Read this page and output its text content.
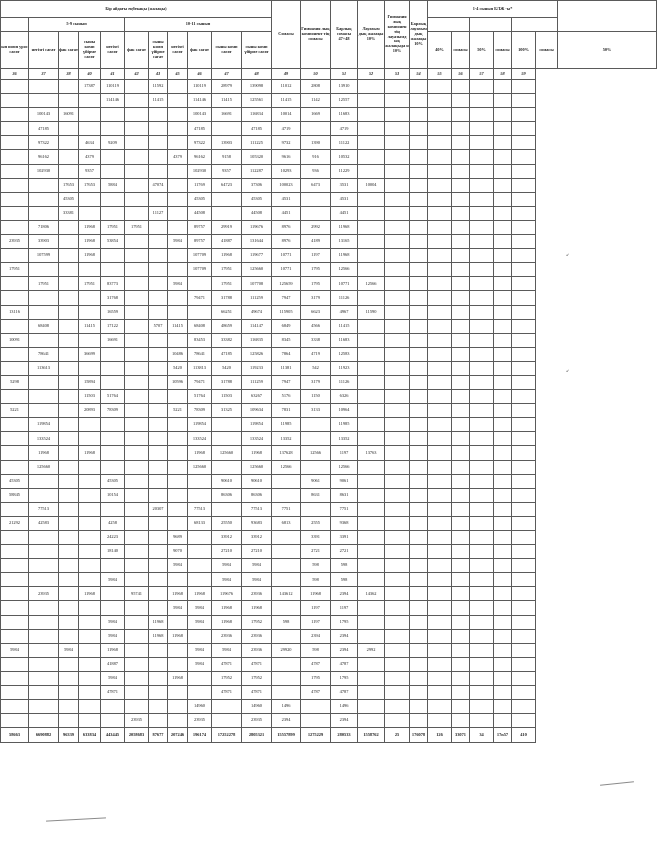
Бір айдағы еңбекақы (жалақы)											Сомасы	Гимназия лық компонент тің сомасы	Барлық сомасы 47+48	Лауазым дық жалақы 10%	Гимназия лық компонен тің лауазымд ық жалақыда н 10%	Барлық лауазым дық жалақы 10%	1-4 сынып БЛЖ -ы*						
	5-9 сынып				10-11 сынып																		
ып иомп урос сагат	негізгі сагат	фак сагат	сыны комп үйірме сагат	негізгі сагат	фак сагат	сыны комп үйірме сагат	негізгі сагат	фак сагат	сыны комп сагат	сыны комп үйірме сагат							40%	сомасы	50%	сомасы	100%	сомасы	50%
36	37	38	40	41	42	43	45	46	47	48	49	50	51	52	53	54	55	56	57	58	59		
			17387	110119		11592		110119	28979	139098	11012	2808	13910										
				114146		11415		114146	11415	125561	11415	1142	12557										
	100143	16091						100143	16691	116834	10014	1669	11683										
	47185							47185		47185	4719		4719										
	97322		4634	9209				97322	13903	111225	9732	1390	11122										
	96162		4379				4379	96162	9158	105320	9616	916	10532										
	102930		9357					102930	9357	112287	10293	936	11229										
		17653	17653	5884		47074		11769	64723	37306	100023	6473	3531	10004									
		45305						45305		45305	4531		4531										
		33381				11127		44508		44508	4451		4451										
	71806		11968	17951	17951			89757	29919	119676	8976	2992	11968										
23935	33903		11968	53854			5984	89757	41887	131644	8976	4189	13165										
	107599		11968					107709	11968	119677	10771	1197	11968										
17951								107709	17951	125660	10771	1795	12566										
	17951		17951	83773			5984		17951	107708	125659	1795	10771	12566									
				31768				79471	31788	111259	7947	3179	11126										
13116				16559					66251	49674	115905	6623	4967	11590									
	68408		11415	17122		5707	11415	68408	48659	114147	6849	4566	11415										
10091				16691				83453	33382	116835	8345	3338	11683										
	78641		36699				10486	78641	47185	125826	7864	4719	12583										
	113613						5420	113813	5420	119233	11381	542	11923										
5298			15894				10596	79471	31788	111259	7947	3179	11126										
			11503	51764				51764	11503	63267	5176	1150	6326										
5221			20893	78309			5221	78309	31325	109634	7831	3133	10964										
	119854							119854		119854	11985		11985										
	133524							133524		133524	13352		13352										
	11968		11968					11968	125660	11968	137628	12566	1197	13763									
	125660							125660		125660	12566		12566										
45305				45305					90610	90610		9061	9061										
58845				10154					86306	86306		8631	8631										
	77513					20307		77513		77513	7751		7751										
21292	42583			4258				68133	25550	93683	6813	2555	9368										
				24223			9689		33912	33912		3391	3391										
				18140			9070		27210	27210		2721	2721										
							5984		5984	5984		598	598										
				5984					5984	5984		598	598										
	23935		11968		95741		11968	11968	119676	23936	143612	11968	2394	14362									
							5984	5984	11968	11968		1197	1197										
				5984		11968		5984	11968	17952	598	1197	1795										
				5984		11968	11968		23936	23936		2394	2394										
5984		5984		11968				5984	5984	23936	29920	598	2394	2992									
				41887				5984	47871	47871		4787	4787										
				5984			11968		17952	17952		1795	1795										
				47871					47871	47871		4787	4787										
								14960		14960	1496		1496										
					23935			23935		23935	2394		2394										
58663	6690882	96339	633834	443445	2058683	87677	207246	196174	17252278	2805321	15557899	1275229	280533	1558762	25	176078	126	33071	34	17n57	410		
↙
↙
